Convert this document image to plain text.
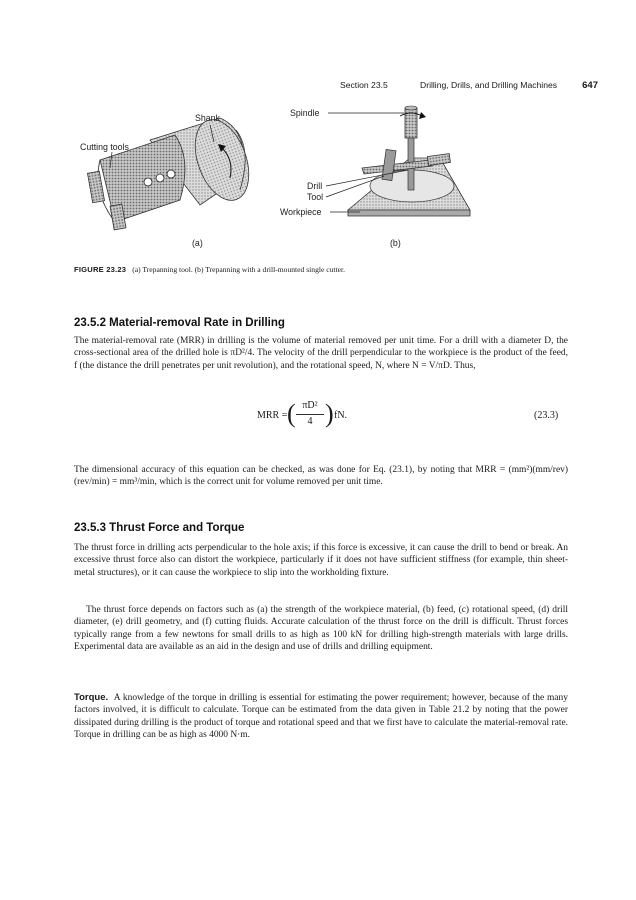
Section 23.5	Drilling, Drills, and Drilling Machines	647
Shank
Cutting tools
Spindle
Drill
Tool
Workpiece
(a)	(b)
FIGURE 23.23 (a) Trepanning tool. (b) Trepanning with a drill-mounted single cutter.
23.5.2 Material-removal Rate in Drilling

The material-removal rate (MRR) in drilling is the volume of material removed per unit time. For a drill with a diameter D, the cross-sectional area of the drilled hole is πD²/4. The velocity of the drill perpendicular to the workpiece is the product of the feed, f (the distance the drill penetrates per unit revolution), and the rotational speed, N, where N = V/πD. Thus,

MRR = ( πD²
4 ) fN.	(23.3)

The dimensional accuracy of this equation can be checked, as was done for Eq. (23.1), by noting that MRR = (mm²)(mm/rev)(rev/min) = mm³/min, which is the correct unit for volume removed per unit time.

23.5.3 Thrust Force and Torque

The thrust force in drilling acts perpendicular to the hole axis; if this force is excessive, it can cause the drill to bend or break. An excessive thrust force also can distort the workpiece, particularly if it does not have sufficient stiffness (for example, thin sheet-metal structures), or it can cause the workpiece to slip into the workholding fixture.

The thrust force depends on factors such as (a) the strength of the workpiece material, (b) feed, (c) rotational speed, (d) drill diameter, (e) drill geometry, and (f) cutting fluids. Accurate calculation of the thrust force on the drill is difficult. Thrust forces typically range from a few newtons for small drills to as high as 100 kN for drilling high-strength materials with large drills. Experimental data are available as an aid in the design and use of drills and drilling equipment.

Torque. A knowledge of the torque in drilling is essential for estimating the power requirement; however, because of the many factors involved, it is difficult to calculate. Torque can be estimated from the data given in Table 21.2 by noting that the power dissipated during drilling is the product of torque and rotational speed and that we first have to calculate the material-removal rate. Torque in drilling can be as high as 4000 N·m.
